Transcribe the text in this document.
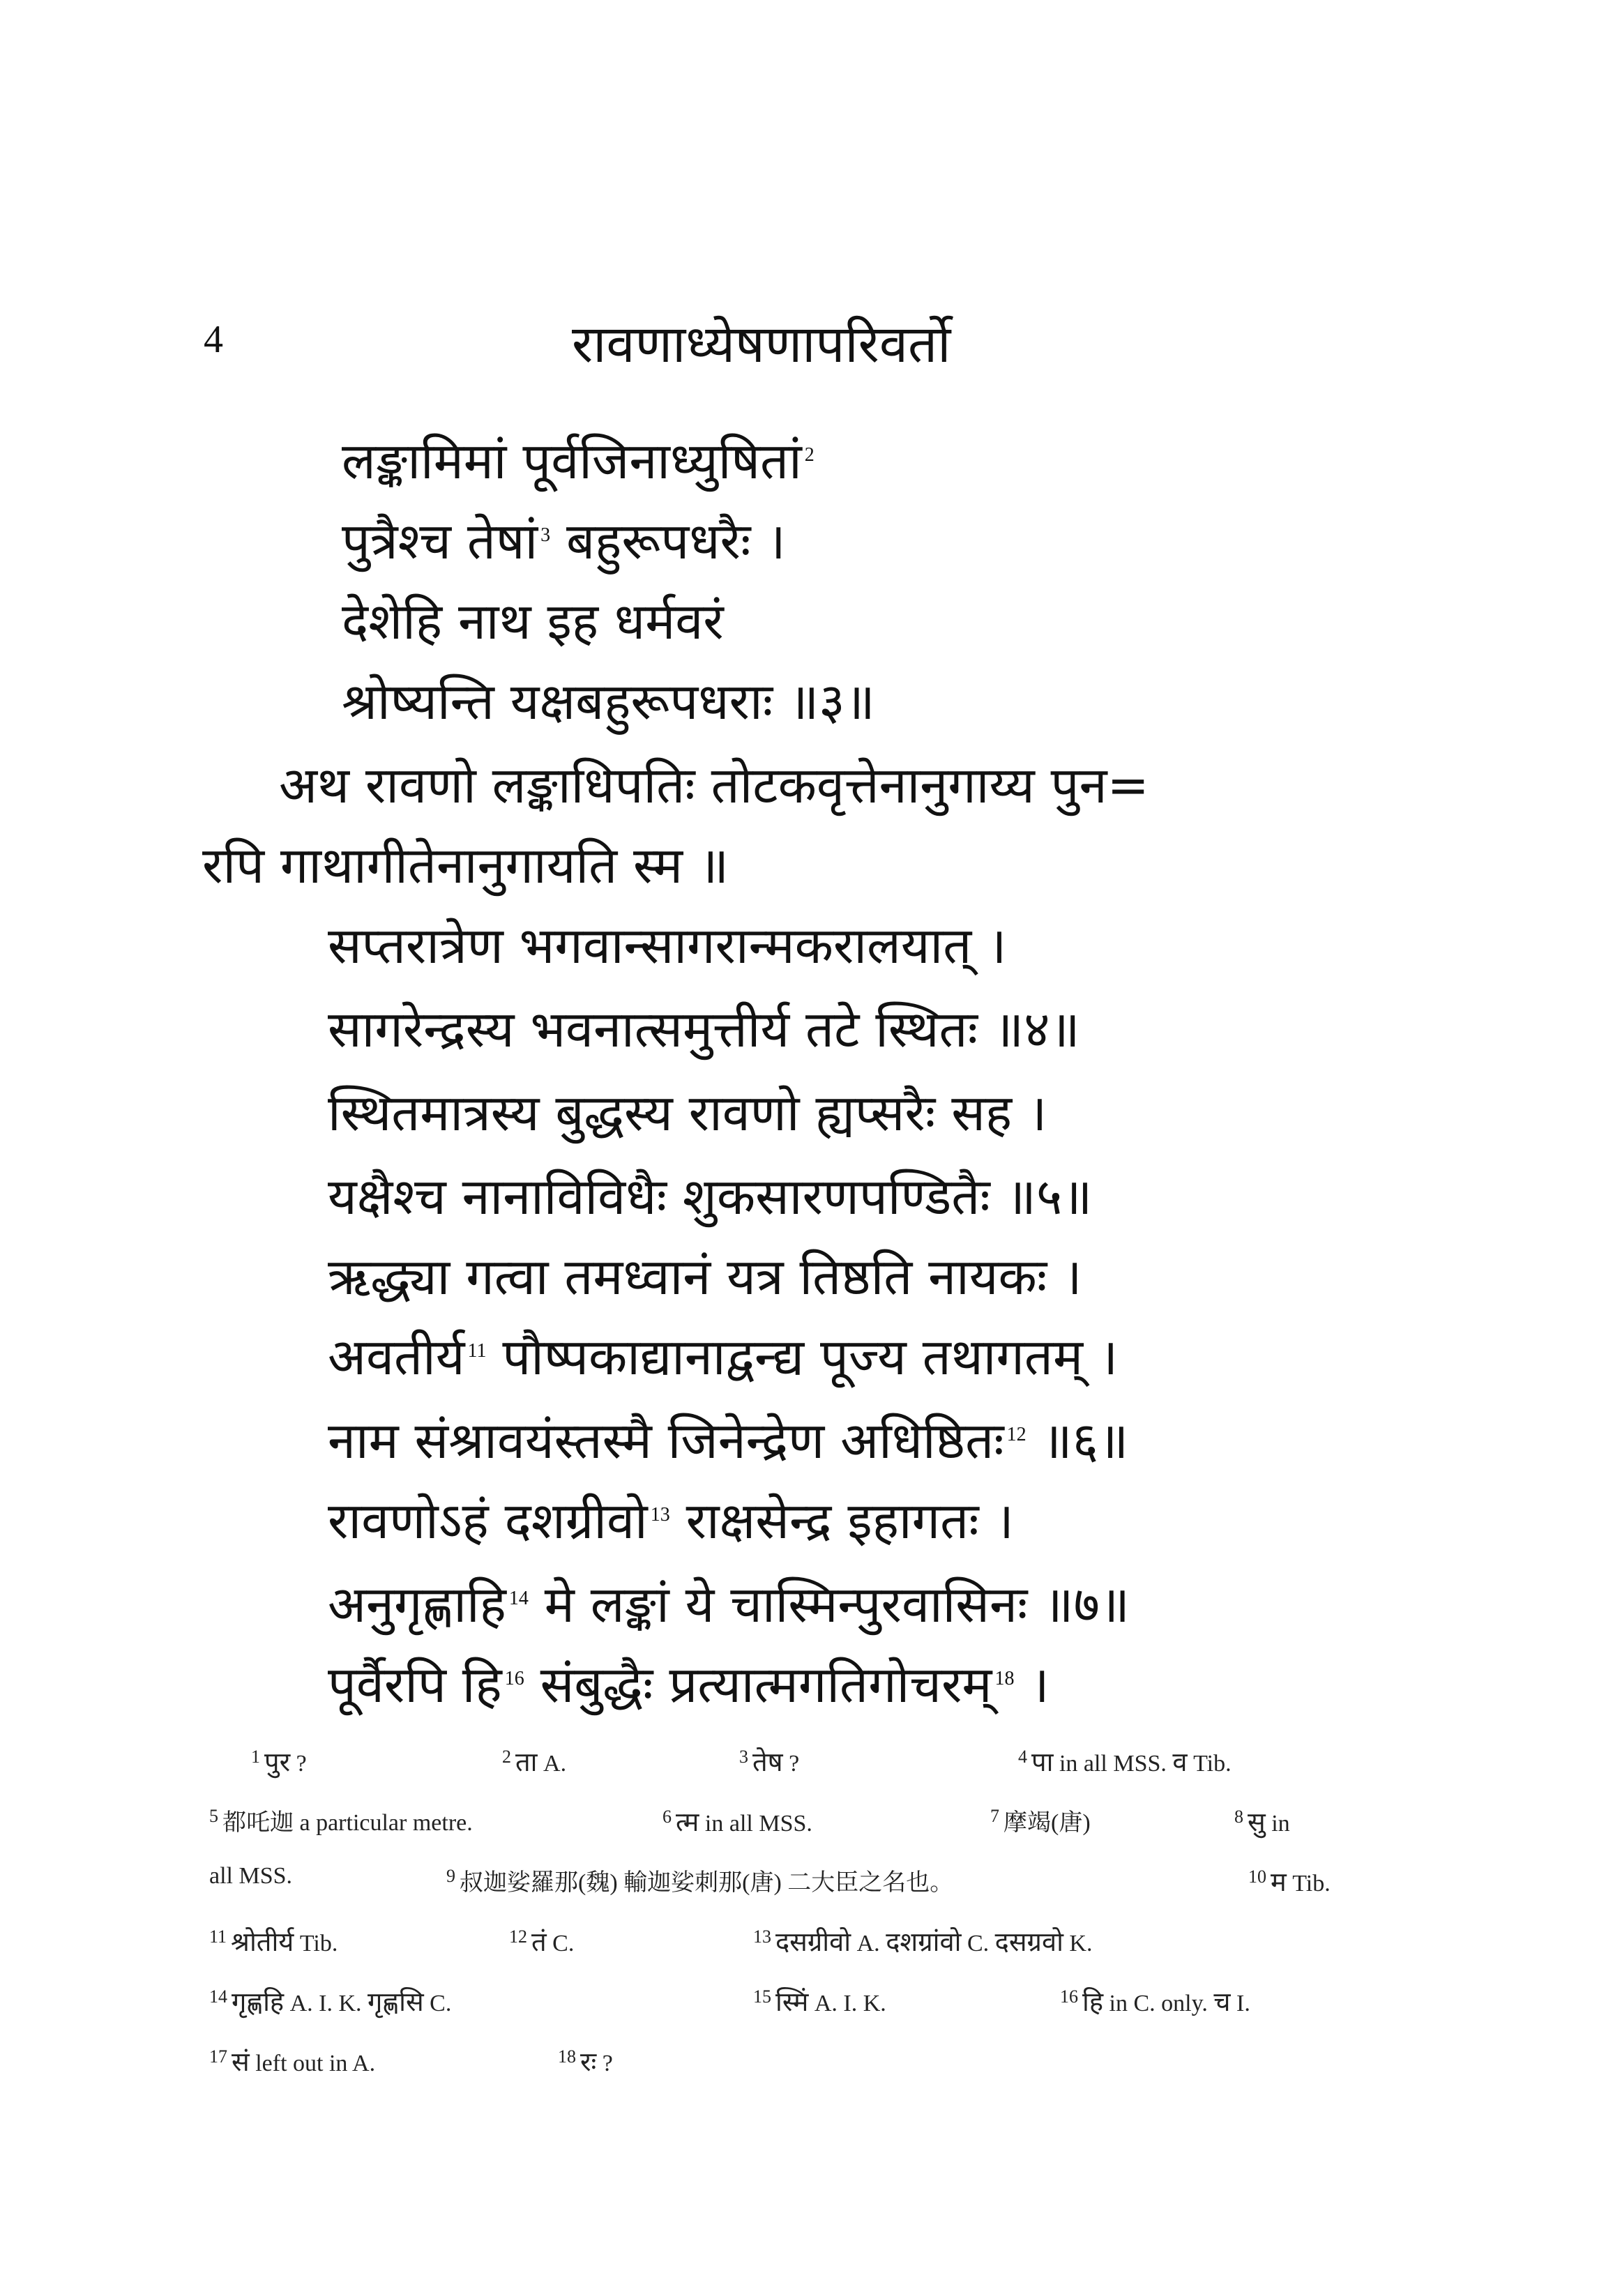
4	रावणाध्येषणापरिवर्तो
लङ्कामिमां पूर्वजिनाध्युषितां $^2$
पुत्रैश्च तेषां $^3$ बहुरूपधरैः ।
देशेहि नाथ इह धर्मवरं
श्रोष्यन्ति यक्षबहुरूपधराः ॥३॥
अथ रावणो लङ्काधिपतिः तोटकवृत्तेनानुगाय्य पुन=
रपि गाथागीतेनानुगायति स्म ॥
सप्तरात्रेण भगवान्सागरान्मकरालयात् ।
सागरेन्द्रस्य भवनात्समुत्तीर्य तटे स्थितः ॥४॥
स्थितमात्रस्य बुद्धस्य रावणो ह्यप्सरैः सह ।
यक्षैश्च नानाविविधैः शुकसारणपण्डितैः ॥५॥
ऋद्ध्या गत्वा तमध्वानं यत्र तिष्ठति नायकः ।
अवतीर्य $^{11}$ पौष्पकाद्यानाद्वन्द्य पूज्य तथागतम् ।
नाम संश्रावयंस्तस्मै जिनेन्द्रेण अधिष्ठितः $^{12}$ ॥६॥
रावणोऽहं दशग्रीवो $^{13}$ राक्षसेन्द्र इहागतः ।
अनुगृह्णाहि $^{14}$ मे लङ्कां ये चास्मिन्पुरवासिनः ॥७॥
पूर्वैरपि हि $^{16}$ संबुद्धैः प्रत्यात्मगतिगोचरम् $^{18}$ ।
$^1$ पुर ?	$^2$ ता A.	$^3$ तेष ?	$^4$ पा in all MSS. व Tib.
$^5$ 都吒迦 a particular metre.	$^6$ त्म in all MSS.	$^7$ 摩竭(唐)	$^8$ सु in
all MSS.	$^9$ 叔迦娑羅那(魏) 輸迦娑刺那(唐) 二大臣之名也。	$^{10}$ म Tib.
$^{11}$ श्रोतीर्य Tib.	$^{12}$ तं C.	$^{13}$ दसग्रीवो A. दशग्रांवो C. दसग्रवो K.
$^{14}$ गृह्णहि A. I. K. गृह्णसि C.	$^{15}$ स्मिं A. I. K.	$^{16}$ हि in C. only. च I.
$^{17}$ सं left out in A.	$^{18}$ रः ?
